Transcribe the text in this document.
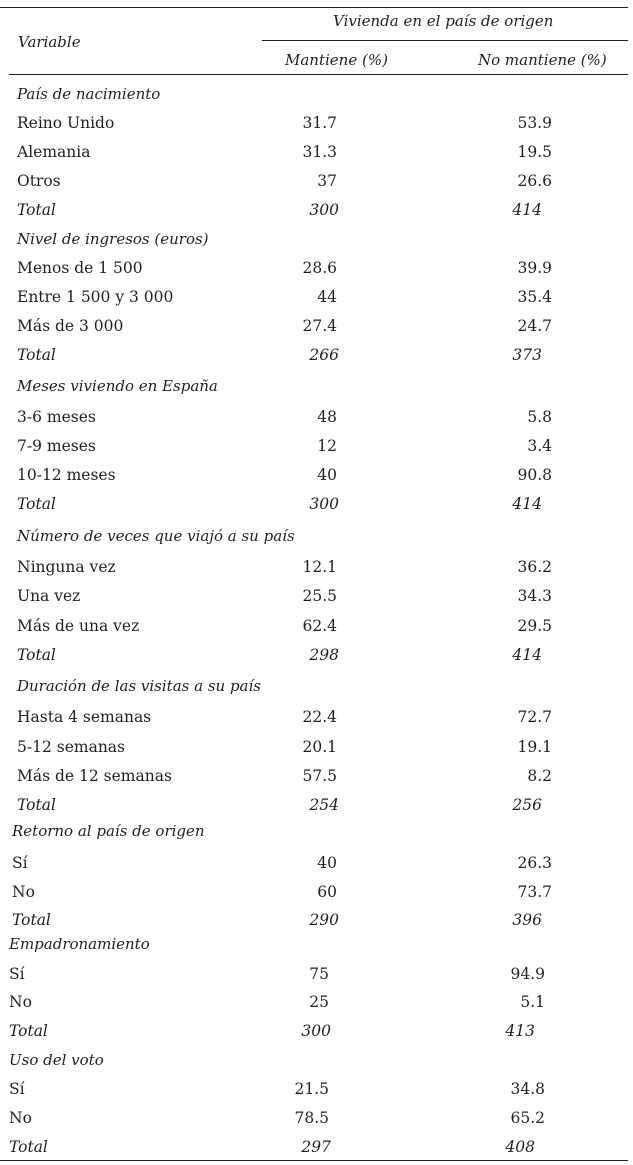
Variable
Vivienda en el país de origen
Mantiene (%)	No mantiene (%)
País de nacimiento
Reino Unido	31.7	53.9
Alemania	31.3	19.5
Otros	37	26.6
Total	300	414
Nivel de ingresos (euros)
Menos de 1 500	28.6	39.9
Entre 1 500 y 3 000	44	35.4
Más de 3 000	27.4	24.7
Total	266	373
Meses viviendo en España
3-6 meses	48	5.8
7-9 meses	12	3.4
10-12 meses	40	90.8
Total	300	414
Número de veces que viajó a su país
Ninguna vez	12.1	36.2
Una vez	25.5	34.3
Más de una vez	62.4	29.5
Total	298	414
Duración de las visitas a su país
Hasta 4 semanas	22.4	72.7
5-12 semanas	20.1	19.1
Más de 12 semanas	57.5	8.2
Total	254	256
Retorno al país de origen
Sí	40	26.3
No	60	73.7
Total	290	396
Empadronamiento
Sí	75	94.9
No	25	5.1
Total	300	413
Uso del voto
Sí	21.5	34.8
No	78.5	65.2
Total	297	408
